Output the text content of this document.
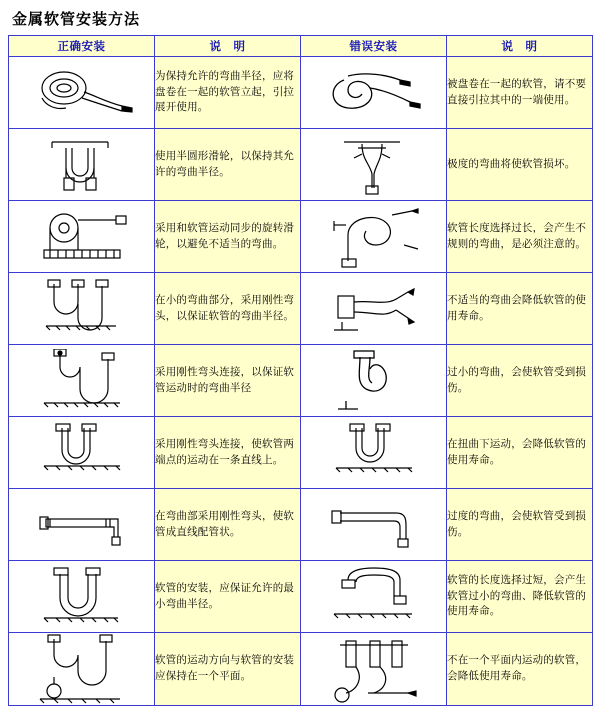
金属软管安装方法
正确安装	说　明	错误安装	说　明

	为保持允许的弯曲半径，应将盘卷在一起的软管立起，引拉展开使用。		被盘卷在一起的软管，请不要直接引拉其中的一端使用。

	使用半圆形滑轮，以保持其允许的弯曲半径。		极度的弯曲将使软管损坏。

	采用和软管运动同步的旋转滑轮，以避免不适当的弯曲。		软管长度选择过长，会产生不规则的弯曲，是必须注意的。

	在小的弯曲部分，采用刚性弯头，以保证软管的弯曲半径。		不适当的弯曲会降低软管的使用寿命。

	采用刚性弯头连接，以保证软管运动时的弯曲半径		过小的弯曲，会使软管受到损伤。

	采用刚性弯头连接，使软管两端点的运动在一条直线上。		在扭曲下运动，会降低软管的使用寿命。

	在弯曲部采用刚性弯头，使软管成直线配管状。		过度的弯曲，会使软管受到损伤。

	软管的安装，应保证允许的最小弯曲半径。		软管的长度选择过短，会产生软管过小的弯曲、降低软管的使用寿命。

	软管的运动方向与软管的安装应保持在一个平面。		不在一个平面内运动的软管，会降低使用寿命。
